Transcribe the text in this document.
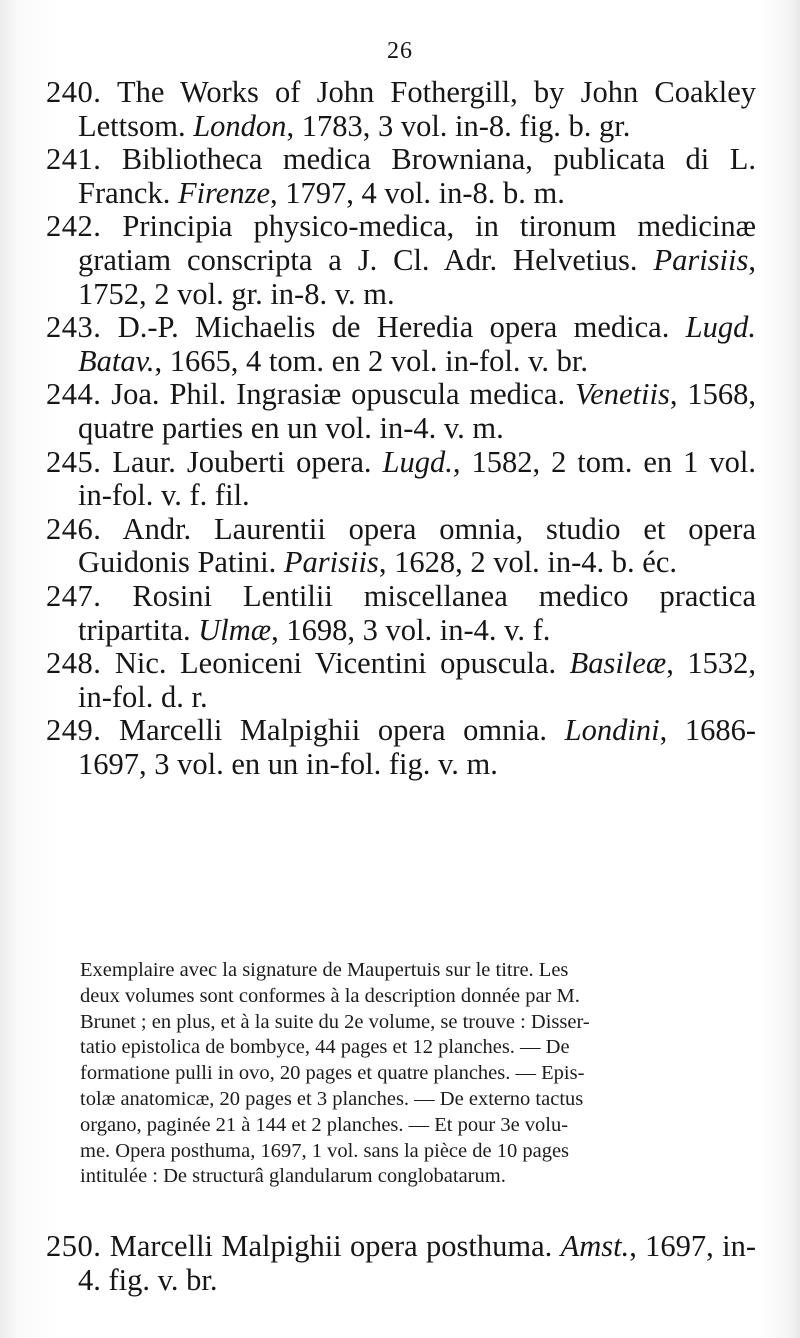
26

240. The Works of John Fothergill, by John Coakley Lettsom. London, 1783, 3 vol. in-8. fig. b. gr.

241. Bibliotheca medica Browniana, publicata di L. Franck. Firenze, 1797, 4 vol. in-8. b. m.

242. Principia physico-medica, in tironum medicinæ gratiam conscripta a J. Cl. Adr. Helvetius. Parisiis, 1752, 2 vol. gr. in-8. v. m.

243. D.-P. Michaelis de Heredia opera medica. Lugd. Batav., 1665, 4 tom. en 2 vol. in-fol. v. br.

244. Joa. Phil. Ingrasiæ opuscula medica. Venetiis, 1568, quatre parties en un vol. in-4. v. m.

245. Laur. Jouberti opera. Lugd., 1582, 2 tom. en 1 vol. in-fol. v. f. fil.

246. Andr. Laurentii opera omnia, studio et opera Guidonis Patini. Parisiis, 1628, 2 vol. in-4. b. éc.

247. Rosini Lentilii miscellanea medico practica tripartita. Ulmæ, 1698, 3 vol. in-4. v. f.

248. Nic. Leoniceni Vicentini opuscula. Basileæ, 1532, in-fol. d. r.

249. Marcelli Malpighii opera omnia. Londini, 1686-1697, 3 vol. en un in-fol. fig. v. m.

Exemplaire avec la signature de Maupertuis sur le titre. Les
deux volumes sont conformes à la description donnée par M.
Brunet ; en plus, et à la suite du 2e volume, se trouve : Disser-
tatio epistolica de bombyce, 44 pages et 12 planches. — De
formatione pulli in ovo, 20 pages et quatre planches. — Epis-
tolæ anatomicæ, 20 pages et 3 planches. — De externo tactus
organo, paginée 21 à 144 et 2 planches. — Et pour 3e volu-
me. Opera posthuma, 1697, 1 vol. sans la pièce de 10 pages
intitulée : De structurâ glandularum conglobatarum.

250. Marcelli Malpighii opera posthuma. Amst., 1697, in-4. fig. v. br.
